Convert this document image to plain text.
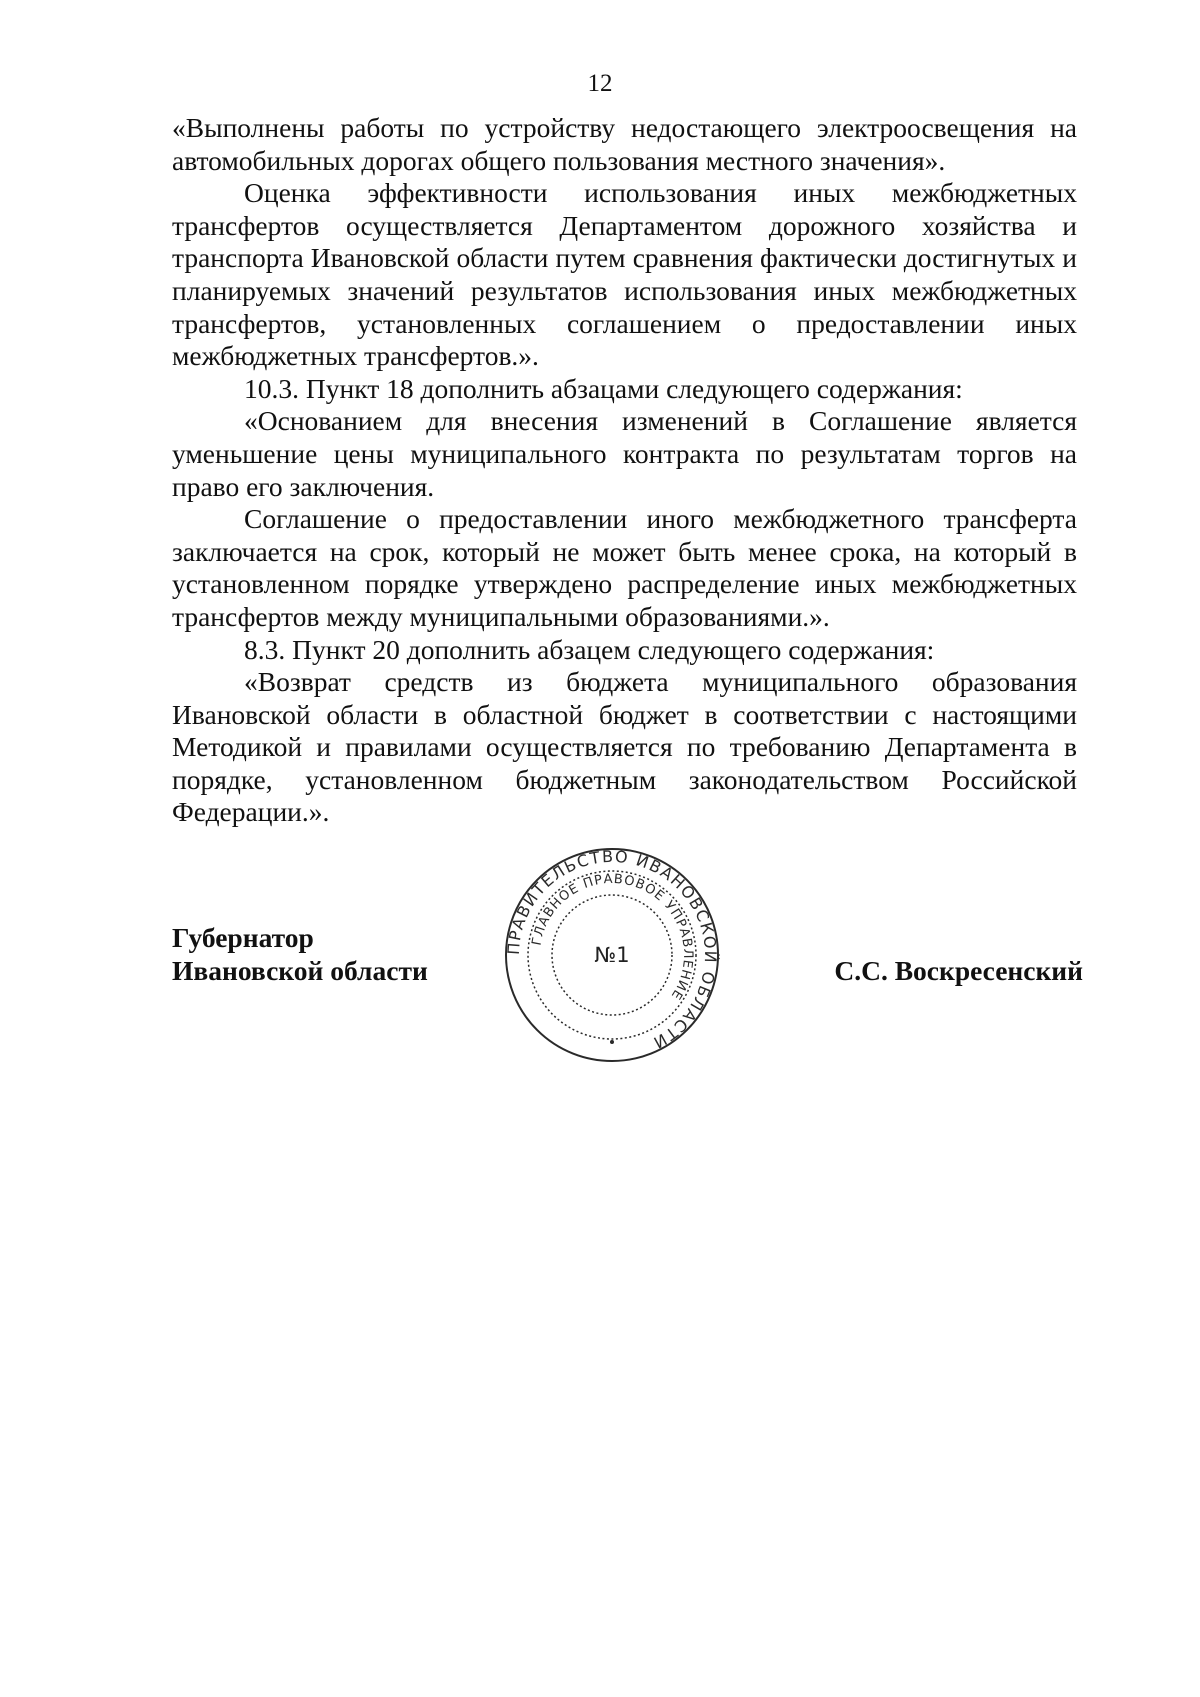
12

«Выполнены работы по устройству недостающего электроосвещения на автомобильных дорогах общего пользования местного значения».

Оценка эффективности использования иных межбюджетных трансфертов осуществляется Департаментом дорожного хозяйства и транспорта Ивановской области путем сравнения фактически достигнутых и планируемых значений результатов использования иных межбюджетных трансфертов, установленных соглашением о предоставлении иных межбюджетных трансфертов.».

10.3. Пункт 18 дополнить абзацами следующего содержания:

«Основанием для внесения изменений в Соглашение является уменьшение цены муниципального контракта по результатам торгов на право его заключения.

Соглашение о предоставлении иного межбюджетного трансферта заключается на срок, который не может быть менее срока, на который в установленном порядке утверждено распределение иных межбюджетных трансфертов между муниципальными образованиями.».

8.3. Пункт 20 дополнить абзацем следующего содержания:

«Возврат средств из бюджета муниципального образования Ивановской области в областной бюджет в соответствии с настоящими Методикой и правилами осуществляется по требованию Департамента в порядке, установленном бюджетным законодательством Российской Федерации.».

Губернатор
Ивановской области	С.С. Воскресенский
ПРАВИТЕЛЬСТВО ИВАНОВСКОЙ ОБЛАСТИ
ГЛАВНОЕ ПРАВОВОЕ УПРАВЛЕНИЕ
№1
